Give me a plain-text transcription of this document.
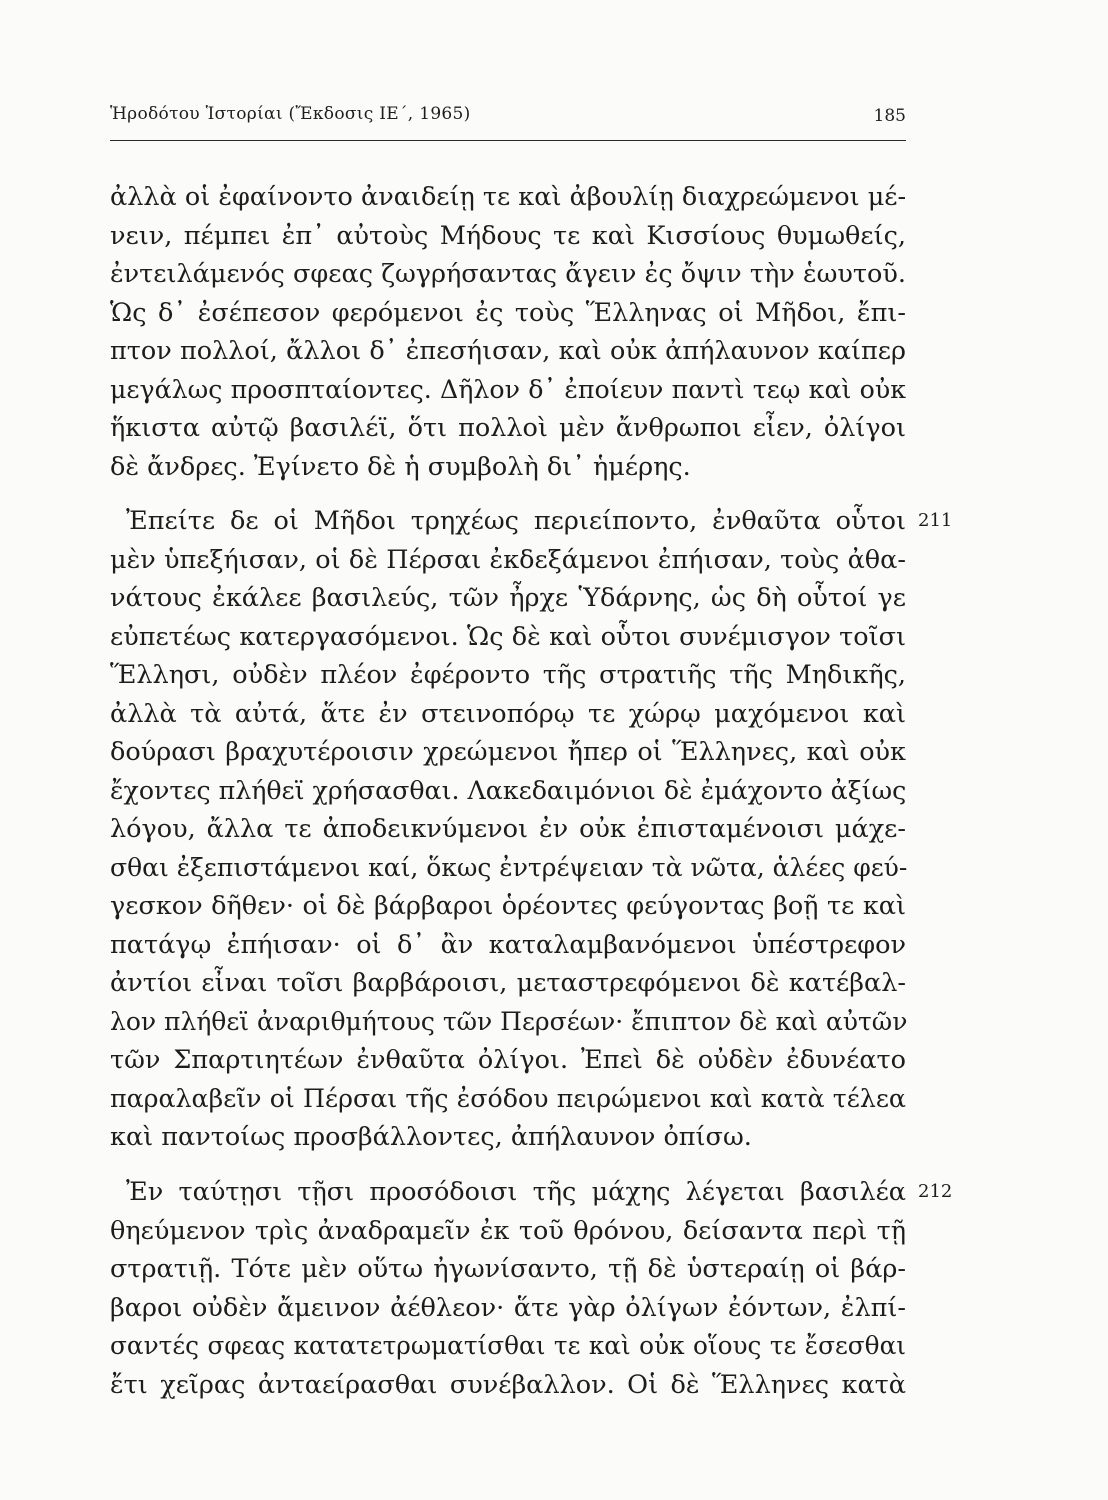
Ἡροδότου Ἱστορίαι (Ἔκδοσις ΙΕ΄, 1965)	185
ἀλλὰ οἱ ἐφαίνοντο ἀναιδείῃ τε καὶ ἀβουλίῃ διαχρεώμενοι μέ-
νειν, πέμπει ἐπ᾽ αὐτοὺς Μήδους τε καὶ Κισσίους θυμωθείς,
ἐντειλάμενός σφεας ζωγρήσαντας ἄγειν ἐς ὄψιν τὴν ἑωυτοῦ.
Ὡς δ᾽ ἐσέπεσον φερόμενοι ἐς τοὺς Ἕλληνας οἱ Μῆδοι, ἔπι-
πτον πολλοί, ἄλλοι δ᾽ ἐπεσήισαν, καὶ οὐκ ἀπήλαυνον καίπερ
μεγάλως προσπταίοντες. Δῆλον δ᾽ ἐποίευν παντὶ τεῳ καὶ οὐκ
ἥκιστα αὐτῷ βασιλέϊ, ὅτι πολλοὶ μὲν ἄνθρωποι εἶεν, ὀλίγοι
δὲ ἄνδρες. Ἐγίνετο δὲ ἡ συμβολὴ δι᾽ ἡμέρης.
Ἐπείτε δε οἱ Μῆδοι τρηχέως περιείποντο, ἐνθαῦτα οὗτοι 211
μὲν ὑπεξήισαν, οἱ δὲ Πέρσαι ἐκδεξάμενοι ἐπήισαν, τοὺς ἀθα-
νάτους ἐκάλεε βασιλεύς, τῶν ἦρχε Ὑδάρνης, ὡς δὴ οὗτοί γε
εὐπετέως κατεργασόμενοι. Ὡς δὲ καὶ οὗτοι συνέμισγον τοῖσι
Ἕλλησι, οὐδὲν πλέον ἐφέροντο τῆς στρατιῆς τῆς Μηδικῆς,
ἀλλὰ τὰ αὐτά, ἅτε ἐν στεινοπόρῳ τε χώρῳ μαχόμενοι καὶ
δούρασι βραχυτέροισιν χρεώμενοι ἤπερ οἱ Ἕλληνες, καὶ οὐκ
ἔχοντες πλήθεϊ χρήσασθαι. Λακεδαιμόνιοι δὲ ἐμάχοντο ἀξίως
λόγου, ἄλλα τε ἀποδεικνύμενοι ἐν οὐκ ἐπισταμένοισι μάχε-
σθαι ἐξεπιστάμενοι καί, ὅκως ἐντρέψειαν τὰ νῶτα, ἁλέες φεύ-
γεσκον δῆθεν· οἱ δὲ βάρβαροι ὁρέοντες φεύγοντας βοῇ τε καὶ
πατάγῳ ἐπήισαν· οἱ δ᾽ ἂν καταλαμβανόμενοι ὑπέστρεφον
ἀντίοι εἶναι τοῖσι βαρβάροισι, μεταστρεφόμενοι δὲ κατέβαλ-
λον πλήθεϊ ἀναριθμήτους τῶν Περσέων· ἔπιπτον δὲ καὶ αὐτῶν
τῶν Σπαρτιητέων ἐνθαῦτα ὀλίγοι. Ἐπεὶ δὲ οὐδὲν ἐδυνέατο
παραλαβεῖν οἱ Πέρσαι τῆς ἐσόδου πειρώμενοι καὶ κατὰ τέλεα
καὶ παντοίως προσβάλλοντες, ἀπήλαυνον ὀπίσω.
Ἐν ταύτῃσι τῇσι προσόδοισι τῆς μάχης λέγεται βασιλέα 212
θηεύμενον τρὶς ἀναδραμεῖν ἐκ τοῦ θρόνου, δείσαντα περὶ τῇ
στρατιῇ. Τότε μὲν οὕτω ἠγωνίσαντο, τῇ δὲ ὑστεραίῃ οἱ βάρ-
βαροι οὐδὲν ἄμεινον ἀέθλεον· ἅτε γὰρ ὀλίγων ἐόντων, ἐλπί-
σαντές σφεας κατατετρωματίσθαι τε καὶ οὐκ οἵους τε ἔσεσθαι
ἔτι χεῖρας ἀνταείρασθαι συνέβαλλον. Οἱ δὲ Ἕλληνες κατὰ
